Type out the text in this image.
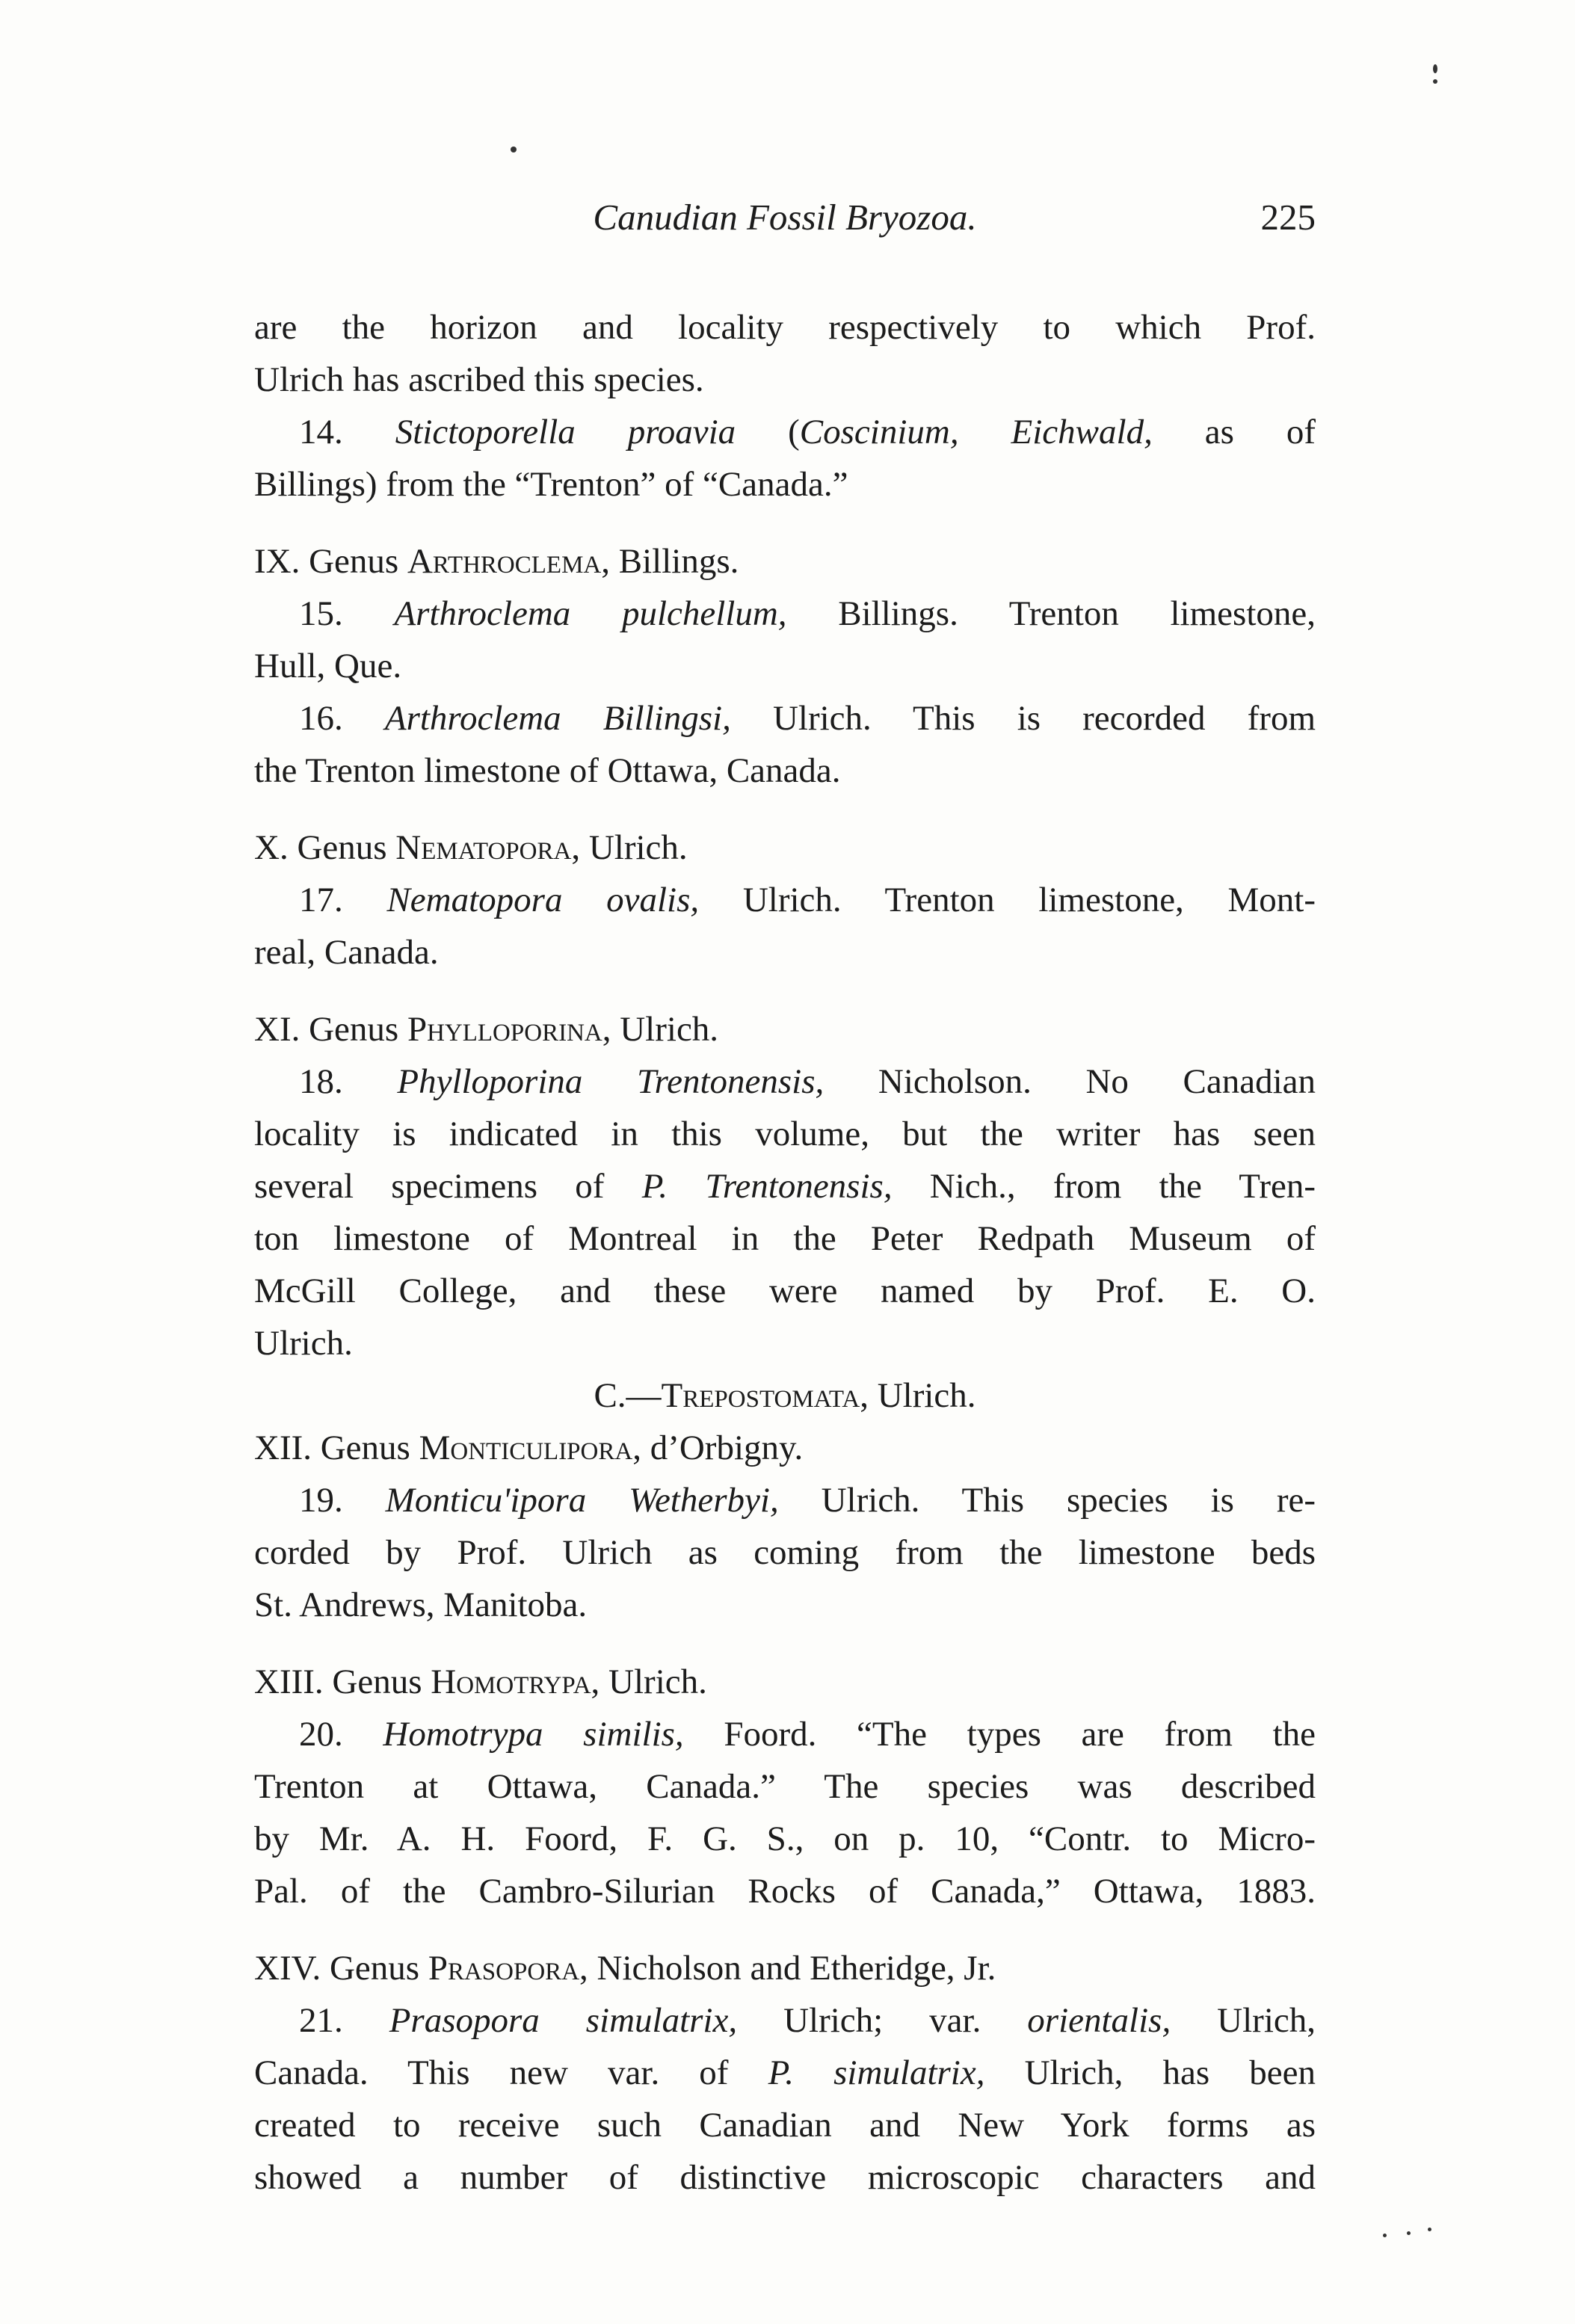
Canudian Fossil Bryozoa.	225
are the horizon and locality respectively to which Prof.
Ulrich has ascribed this species.
14. Stictoporella proavia (Coscinium, Eichwald, as of
Billings) from the “Trenton” of “Canada.”
IX. Genus Arthroclema, Billings.
15. Arthroclema pulchellum, Billings. Trenton limestone,
Hull, Que.
16. Arthroclema Billingsi, Ulrich. This is recorded from
the Trenton limestone of Ottawa, Canada.
X. Genus Nematopora, Ulrich.
17. Nematopora ovalis, Ulrich. Trenton limestone, Mont-
real, Canada.
XI. Genus Phylloporina, Ulrich.
18. Phylloporina Trentonensis, Nicholson. No Canadian
locality is indicated in this volume, but the writer has seen
several specimens of P. Trentonensis, Nich., from the Tren-
ton limestone of Montreal in the Peter Redpath Museum of
McGill College, and these were named by Prof. E. O.
Ulrich.
C.—Trepostomata, Ulrich.
XII. Genus Monticulipora, d’Orbigny.
19. Monticu'ipora Wetherbyi, Ulrich. This species is re-
corded by Prof. Ulrich as coming from the limestone beds
St. Andrews, Manitoba.
XIII. Genus Homotrypa, Ulrich.
20. Homotrypa similis, Foord. “The types are from the
Trenton at Ottawa, Canada.” The species was described
by Mr. A. H. Foord, F. G. S., on p. 10, “Contr. to Micro-
Pal. of the Cambro-Silurian Rocks of Canada,” Ottawa, 1883.
XIV. Genus Prasopora, Nicholson and Etheridge, Jr.
21. Prasopora simulatrix, Ulrich; var. orientalis, Ulrich,
Canada. This new var. of P. simulatrix, Ulrich, has been
created to receive such Canadian and New York forms as
showed a number of distinctive microscopic characters and
